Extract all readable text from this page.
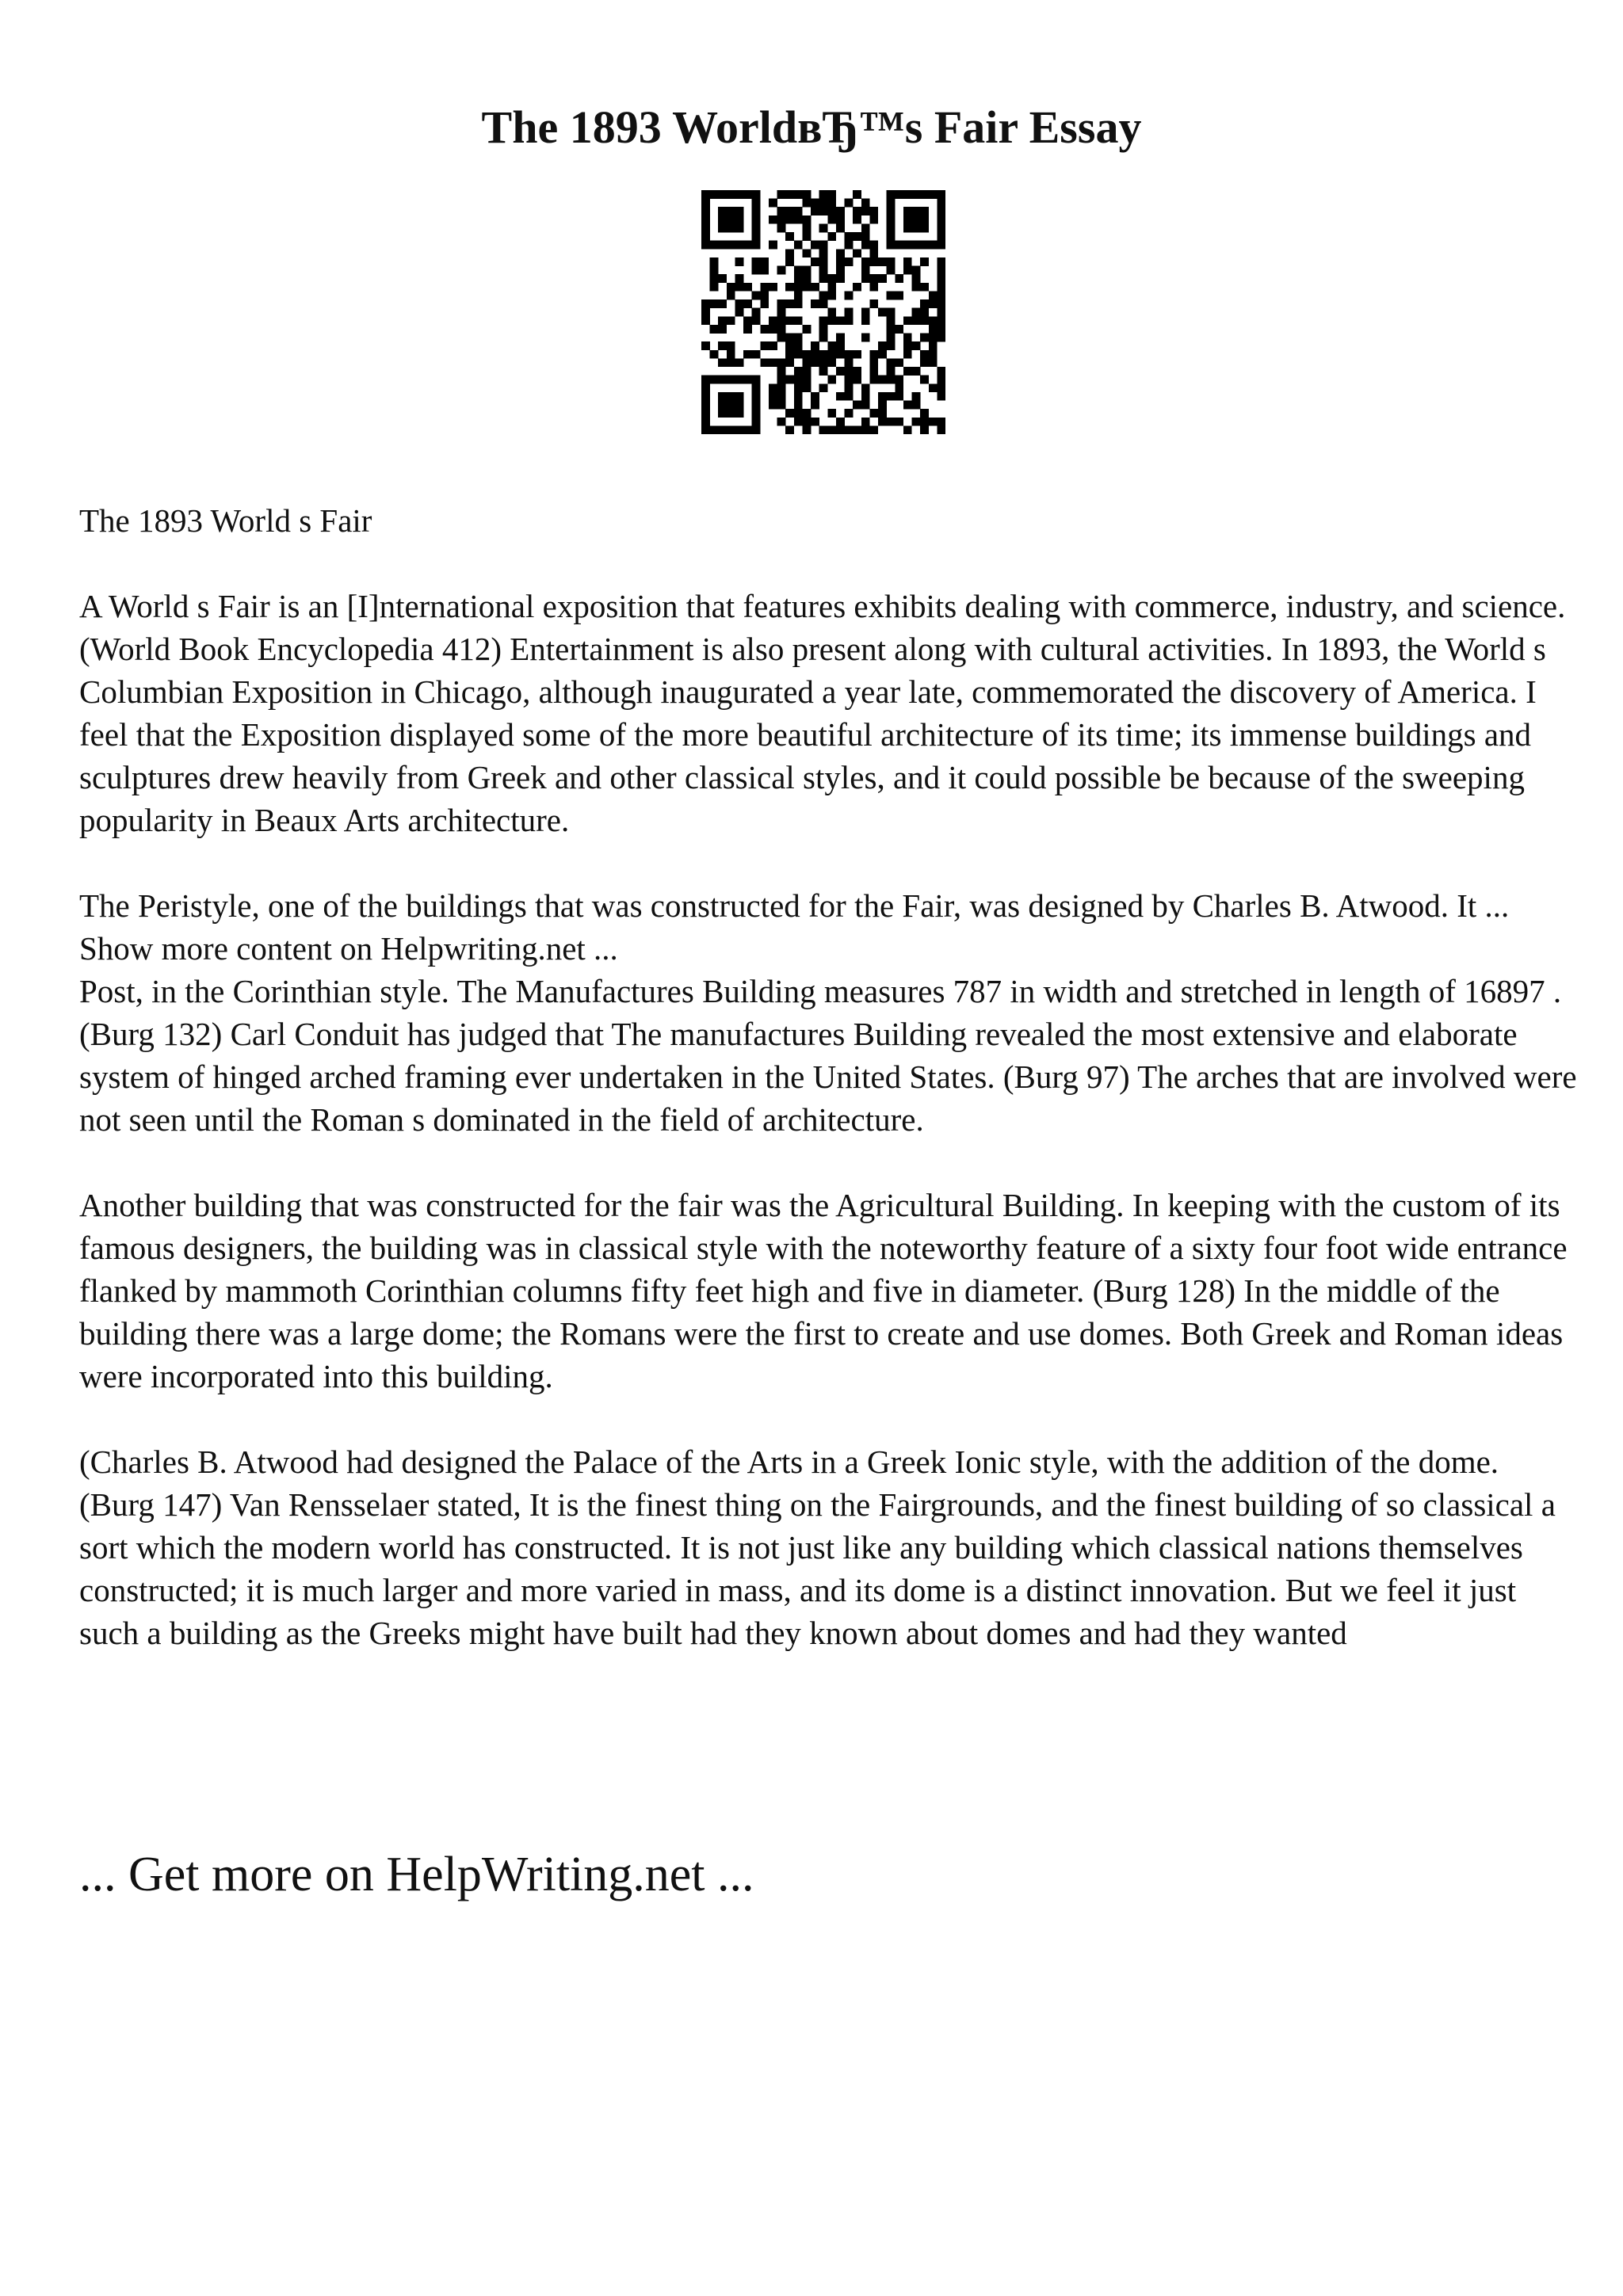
The 1893 WorldвЂ™s Fair Essay

The 1893 World s Fair

A World s Fair is an [I]nternational exposition that features exhibits dealing with commerce, industry, and science. (World Book Encyclopedia 412) Entertainment is also present along with cultural activities. In 1893, the World s Columbian Exposition in Chicago, although inaugurated a year late, commemorated the discovery of America. I feel that the Exposition displayed some of the more beautiful architecture of its time; its immense buildings and sculptures drew heavily from Greek and other classical styles, and it could possible be because of the sweeping popularity in Beaux Arts architecture.

The Peristyle, one of the buildings that was constructed for the Fair, was designed by Charles B. Atwood. It ... Show more content on Helpwriting.net ...

Post, in the Corinthian style. The Manufactures Building measures 787 in width and stretched in length of 16897 . (Burg 132) Carl Conduit has judged that The manufactures Building revealed the most extensive and elaborate system of hinged arched framing ever undertaken in the United States. (Burg 97) The arches that are involved were not seen until the Roman s dominated in the field of architecture.

Another building that was constructed for the fair was the Agricultural Building. In keeping with the custom of its famous designers, the building was in classical style with the noteworthy feature of a sixty four foot wide entrance flanked by mammoth Corinthian columns fifty feet high and five in diameter. (Burg 128) In the middle of the building there was a large dome; the Romans were the first to create and use domes. Both Greek and Roman ideas were incorporated into this building.

(Charles B. Atwood had designed the Palace of the Arts in a Greek Ionic style, with the addition of the dome. (Burg 147) Van Rensselaer stated, It is the finest thing on the Fairgrounds, and the finest building of so classical a sort which the modern world has constructed. It is not just like any building which classical nations themselves constructed; it is much larger and more varied in mass, and its dome is a distinct innovation. But we feel it just such a building as the Greeks might have built had they known about domes and had they wanted

... Get more on HelpWriting.net ...
